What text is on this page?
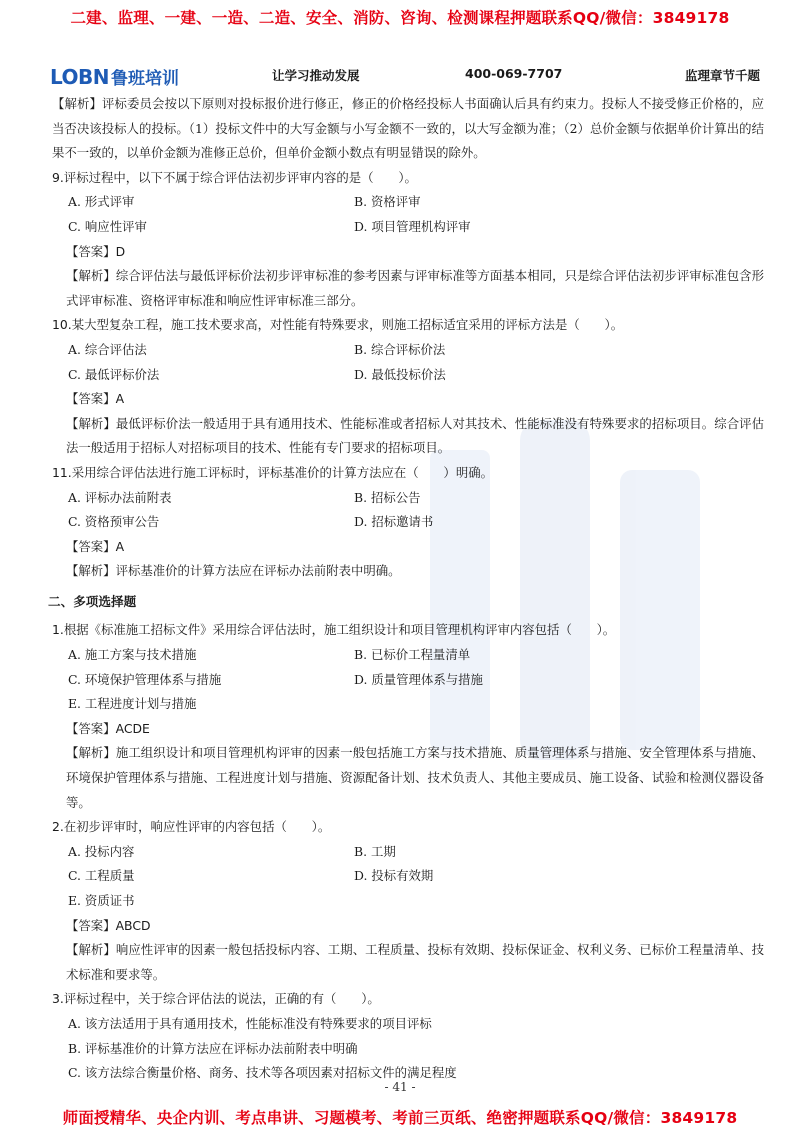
二建、监理、一建、一造、二造、安全、消防、咨询、检测课程押题联系QQ/微信：3849178
LOBN 鲁班培训	让学习推动发展	400-069-7707	监理章节千题

【解析】评标委员会按以下原则对投标报价进行修正，修正的价格经投标人书面确认后具有约束力。投标人不接受修正价格的，应当否决该投标人的投标。（1）投标文件中的大写金额与小写金额不一致的，以大写金额为准；（2）总价金额与依据单价计算出的结果不一致的，以单价金额为准修正总价，但单价金额小数点有明显错误的除外。

9.评标过程中，以下不属于综合评估法初步评审内容的是（　　）。

A. 形式评审	B. 资格评审
C. 响应性评审	D. 项目管理机构评审

【答案】D

【解析】综合评估法与最低评标价法初步评审标准的参考因素与评审标准等方面基本相同，只是综合评估法初步评审标准包含形式评审标准、资格评审标准和响应性评审标准三部分。

10.某大型复杂工程，施工技术要求高，对性能有特殊要求，则施工招标适宜采用的评标方法是（　　）。

A. 综合评估法	B. 综合评标价法
C. 最低评标价法	D. 最低投标价法

【答案】A

【解析】最低评标价法一般适用于具有通用技术、性能标准或者招标人对其技术、性能标准没有特殊要求的招标项目。综合评估法一般适用于招标人对招标项目的技术、性能有专门要求的招标项目。

11.采用综合评估法进行施工评标时，评标基准价的计算方法应在（　　）明确。

A. 评标办法前附表	B. 招标公告
C. 资格预审公告	D. 招标邀请书

【答案】A

【解析】评标基准价的计算方法应在评标办法前附表中明确。

二、多项选择题

1.根据《标准施工招标文件》采用综合评估法时，施工组织设计和项目管理机构评审内容包括（　　）。

A. 施工方案与技术措施	B. 已标价工程量清单
C. 环境保护管理体系与措施	D. 质量管理体系与措施

E. 工程进度计划与措施

【答案】ACDE

【解析】施工组织设计和项目管理机构评审的因素一般包括施工方案与技术措施、质量管理体系与措施、安全管理体系与措施、环境保护管理体系与措施、工程进度计划与措施、资源配备计划、技术负责人、其他主要成员、施工设备、试验和检测仪器设备等。

2.在初步评审时，响应性评审的内容包括（　　）。

A. 投标内容	B. 工期
C. 工程质量	D. 投标有效期

E. 资质证书

【答案】ABCD

【解析】响应性评审的因素一般包括投标内容、工期、工程质量、投标有效期、投标保证金、权利义务、已标价工程量清单、技术标准和要求等。

3.评标过程中，关于综合评估法的说法，正确的有（　　）。

A. 该方法适用于具有通用技术，性能标准没有特殊要求的项目评标

B. 评标基准价的计算方法应在评标办法前附表中明确

C. 该方法综合衡量价格、商务、技术等各项因素对招标文件的满足程度

- 41 -
师面授精华、央企内训、考点串讲、习题模考、考前三页纸、绝密押题联系QQ/微信：3849178
